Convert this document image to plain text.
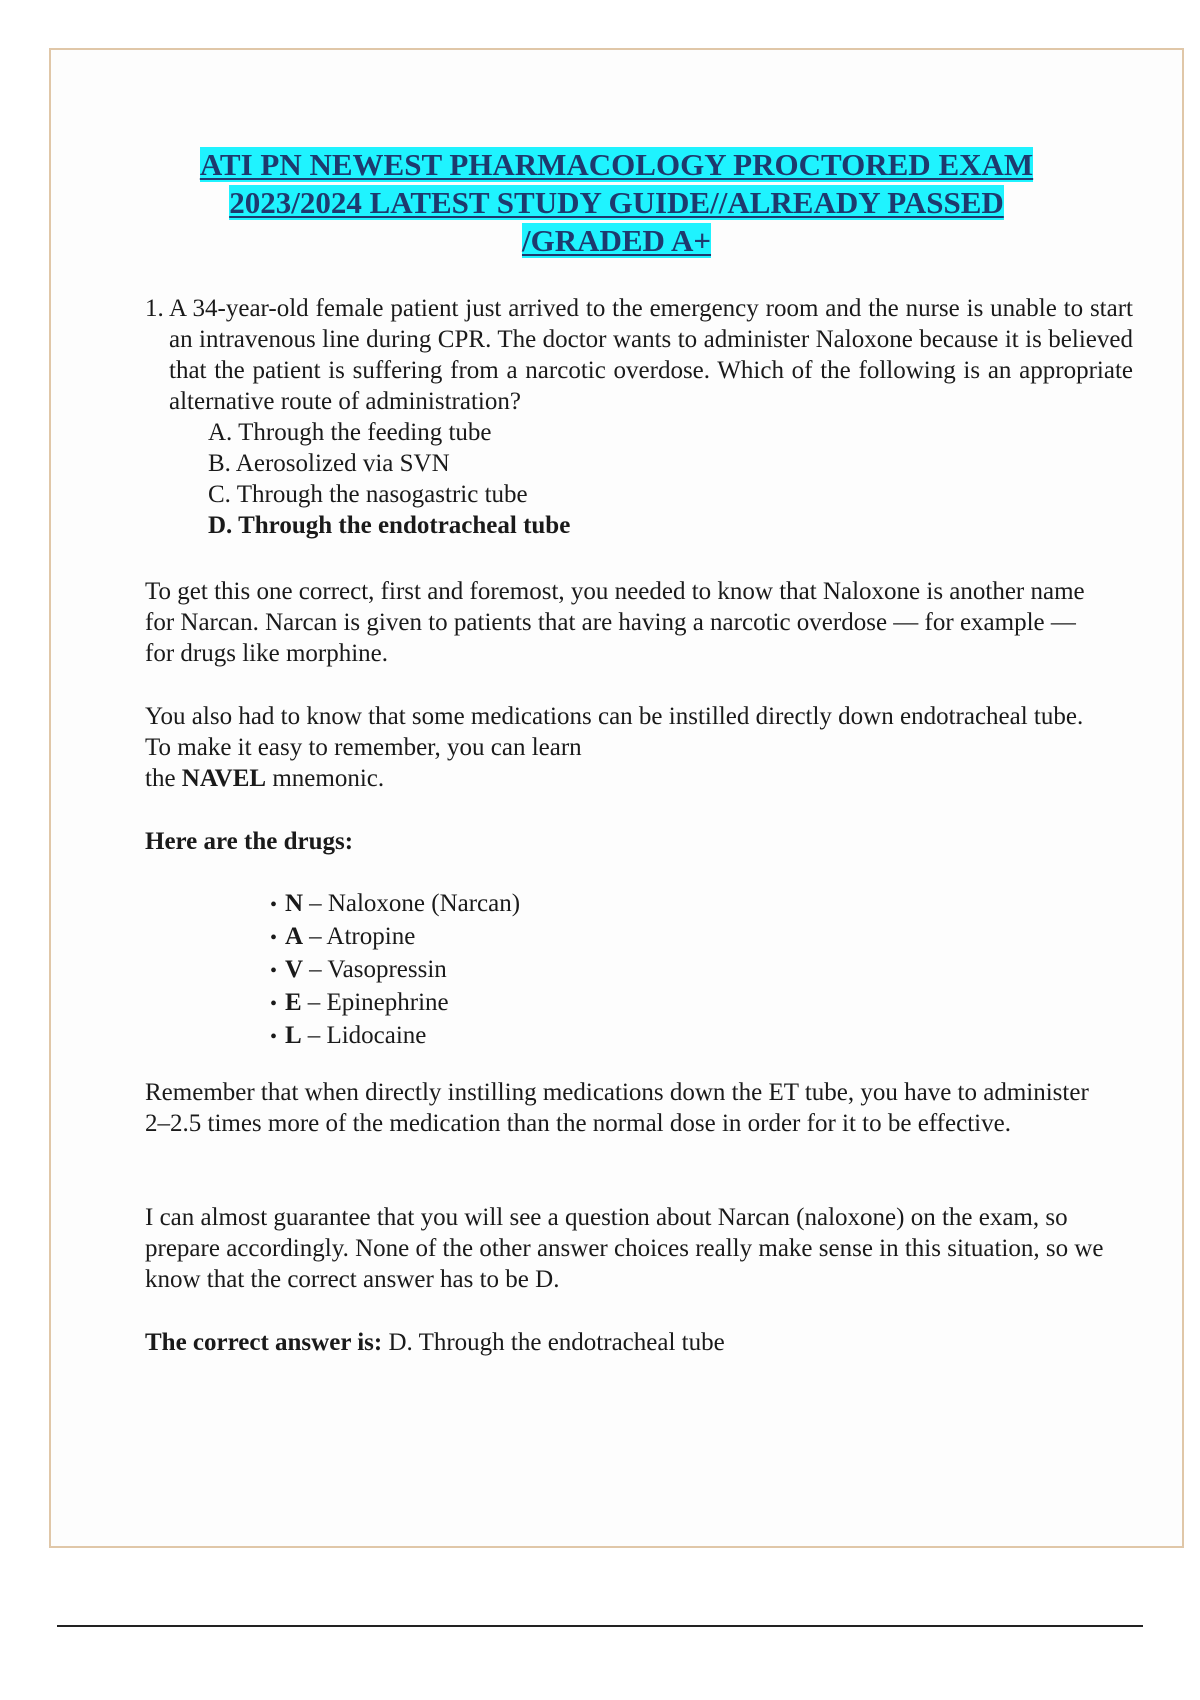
ATI PN NEWEST PHARMACOLOGY PROCTORED EXAM
2023/2024 LATEST STUDY GUIDE//ALREADY PASSED
/GRADED A+
1. A 34-year-old female patient just arrived to the emergency room and the nurse is unable to start an intravenous line during CPR. The doctor wants to administer Naloxone because it is believed that the patient is suffering from a narcotic overdose. Which of the following is an appropriate alternative route of administration?
A. Through the feeding tube
B. Aerosolized via SVN
C. Through the nasogastric tube
D. Through the endotracheal tube

To get this one correct, first and foremost, you needed to know that Naloxone is another name for Narcan. Narcan is given to patients that are having a narcotic overdose — for example — for drugs like morphine.

You also had to know that some medications can be instilled directly down endotracheal tube. To make it easy to remember, you can learn
the NAVEL mnemonic.

Here are the drugs:

• N – Naloxone (Narcan)
• A – Atropine
• V – Vasopressin
• E – Epinephrine
• L – Lidocaine

Remember that when directly instilling medications down the ET tube, you have to administer 2–2.5 times more of the medication than the normal dose in order for it to be effective.

I can almost guarantee that you will see a question about Narcan (naloxone) on the exam, so prepare accordingly. None of the other answer choices really make sense in this situation, so we know that the correct answer has to be D.

The correct answer is: D. Through the endotracheal tube
